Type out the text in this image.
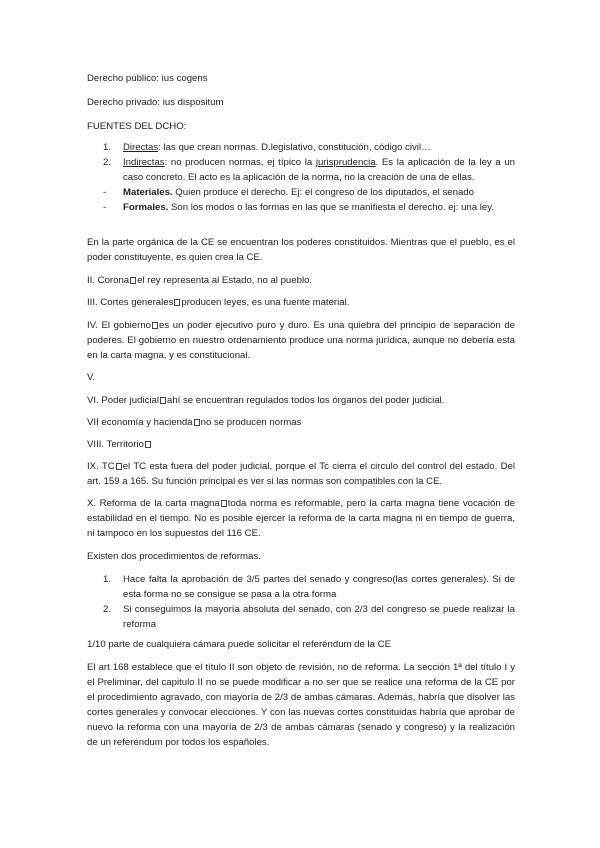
Derecho público: ius cogens

Derecho privado: ius dispositum

FUENTES DEL DCHO:

1.	Directas: las que crean normas. D.legislativo, constitución, código civil…
2.	Indirectas: no producen normas, ej típico la jurisprudencia. Es la aplicación de la ley a un caso concreto. El acto es la aplicación de la norma, no la creación de una de ellas.
-	Materiales. Quien produce el derecho. Ej: el congreso de los diputados, el senado
-	Formales. Son los modos o las formas en las que se manifiesta el derecho. ej: una ley.

En la parte orgánica de la CE se encuentran los poderes constituidos. Mientras que el pueblo, es el poder constituyente, es quien crea la CE.

II. Corona el rey representa al Estado, no al pueblo.

III. Cortes generales producen leyes, es una fuente material.

IV. El gobierno es un poder ejecutivo puro y duro. Es una quiebra del principio de separación de poderes. El gobierno en nuestro ordenamiento produce una norma jurídica, aunque no debería esta en la carta magna, y es constitucional.

V.

VI. Poder judicial ahí se encuentran regulados todos los órganos del poder judicial.

VII economía y hacienda no se producen normas

VIII. Territorio

IX. TC el TC esta fuera del poder judicial, porque el Tc cierra el circulo del control del estado. Del art. 159 a 165. Su función principal es ver si las normas son compatibles con la CE.

X. Reforma de la carta magna toda norma es reformable, pero la carta magna tiene vocación de estabilidad en el tiempo. No es posible ejercer la reforma de la carta magna ni en tiempo de guerra, ni tampoco en los supuestos del 116 CE.

Existen dos procedimientos de reformas.

1.	Hace falta la aprobación de 3/5 partes del senado y congreso(las cortes generales). Si de esta forma no se consigue se pasa a la otra forma
2.	Si conseguimos la mayoría absoluta del senado, con 2/3 del congreso se puede realizar la reforma

1/10 parte de cualquiera cámara puede solicitar el referéndum de la CE

El art 168 establece que el título II son objeto de revisión, no de reforma. La sección 1ª del título I y el Preliminar, del capitulo II no se puede modificar a no ser que se realice una reforma de la CE por el procedimiento agravado, con mayoría de 2/3 de ambas cámaras. Además, habría que disolver las cortes generales y convocar elecciones. Y con las nuevas cortes constituidas habría que aprobar de nuevo la reforma con una mayoría de 2/3 de ambas cámaras (senado y congreso) y la realización de un referéndum por todos los españoles.
